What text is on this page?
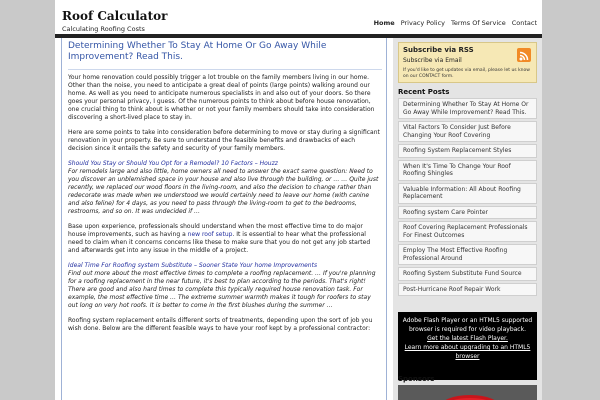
Roof Calculator
Calculating Roofing Costs
Home Privacy Policy Terms Of Service Contact
Determining Whether To Stay At Home Or Go Away While Improvement? Read This.

Your home renovation could possibly trigger a lot trouble on the family members living in our home. Other than the noise, you need to anticipate a great deal of points (large points) walking around our home. As well as you need to anticipate numerous specialists in and also out of your doors. So there goes your personal privacy, I guess. Of the numerous points to think about before house renovation, one crucial thing to think about is whether or not your family members should take into consideration discovering a short-lived place to stay in.

Here are some points to take into consideration before determining to move or stay during a significant renovation in your property. Be sure to understand the feasible benefits and drawbacks of each decision since it entails the safety and security of your family members.

Should You Stay or Should You Opt for a Remodel? 10 Factors – Houzz
For remodels large and also little, home owners all need to answer the exact same question: Need to you discover an unblemished space in your house and also live through the building, or … … Quite just recently, we replaced our wood floors in the living-room, and also the decision to change rather than redecorate was made when we understood we would certainly need to leave our home (with canine and also feline) for 4 days, as you need to pass through the living-room to get to the bedrooms, restrooms, and so on. It was undecided if …

Base upon experience, professionals should understand when the most effective time to do major house improvements, such as having a new roof setup. It is essential to hear what the professional need to claim when it concerns concerns like these to make sure that you do not get any job started and afterwards get into any issue in the middle of a project.

Ideal Time For Roofing system Substitute – Sooner State Your home Improvements
Find out more about the most effective times to complete a roofing replacement. … If you're planning for a roofing replacement in the near future, it's best to plan according to the periods. That's right! There are good and also hard times to complete this typically required house renovation task. For example, the most effective time … The extreme summer warmth makes it tough for roofers to stay out long on very hot roofs. It is better to come in the first blushes during the summer …

Roofing system replacement entails different sorts of treatments, depending upon the sort of job you wish done. Below are the different feasible ways to have your roof kept by a professional contractor:

Subscribe via RSS
Subscribe via Email
If you'd like to get updates via email, please let us know on our CONTACT form.
Recent Posts
Determining Whether To Stay At Home Or Go Away While Improvement? Read This.
Vital Factors To Consider Just Before Changing Your Roof Covering
Roofing System Replacement Styles
When It's Time To Change Your Roof Roofing Shingles
Valuable Information: All About Roofing Replacement
Roofing system Care Pointer
Roof Covering Replacement Professionals For Finest Outcomes
Employ The Most Effective Roofing Professional Around
Roofing System Substitute Fund Source
Post-Hurricane Roof Repair Work
Adobe Flash Player or an HTML5 supported browser is required for video playback.
Get the latest Flash Player.
Learn more about upgrading to an HTML5 browser
Sponsors
